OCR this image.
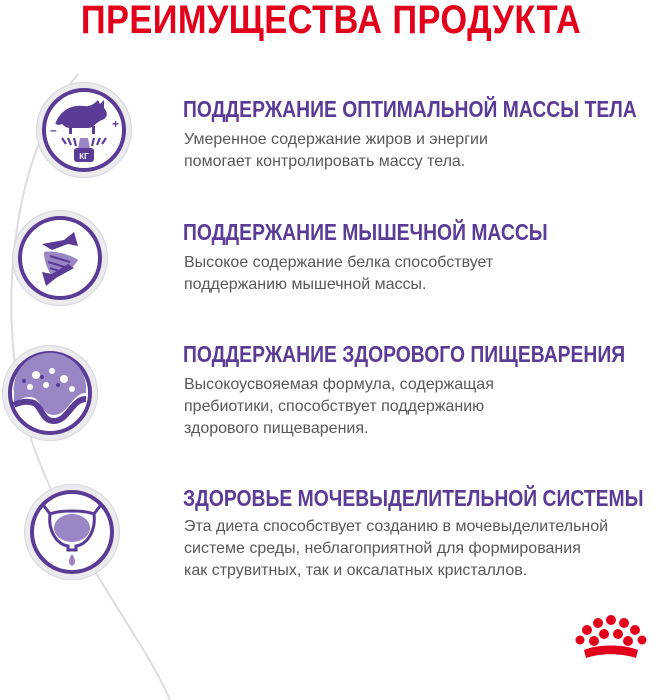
ПРЕИМУЩЕСТВА ПРОДУКТА
КГ
–	+
ПОДДЕРЖАНИЕ ОПТИМАЛЬНОЙ МАССЫ ТЕЛА
Умеренное содержание жиров и энергии
помогает контролировать массу тела.
ПОДДЕРЖАНИЕ МЫШЕЧНОЙ МАССЫ
Высокое содержание белка способствует
поддержанию мышечной массы.
ПОДДЕРЖАНИЕ ЗДОРОВОГО ПИЩЕВАРЕНИЯ
Высокоусвояемая формула, содержащая
пребиотики, способствует поддержанию
здорового пищеварения.
ЗДОРОВЬЕ МОЧЕВЫДЕЛИТЕЛЬНОЙ СИСТЕМЫ
Эта диета способствует созданию в мочевыделительной
системе среды, неблагоприятной для формирования
как струвитных, так и оксалатных кристаллов.
